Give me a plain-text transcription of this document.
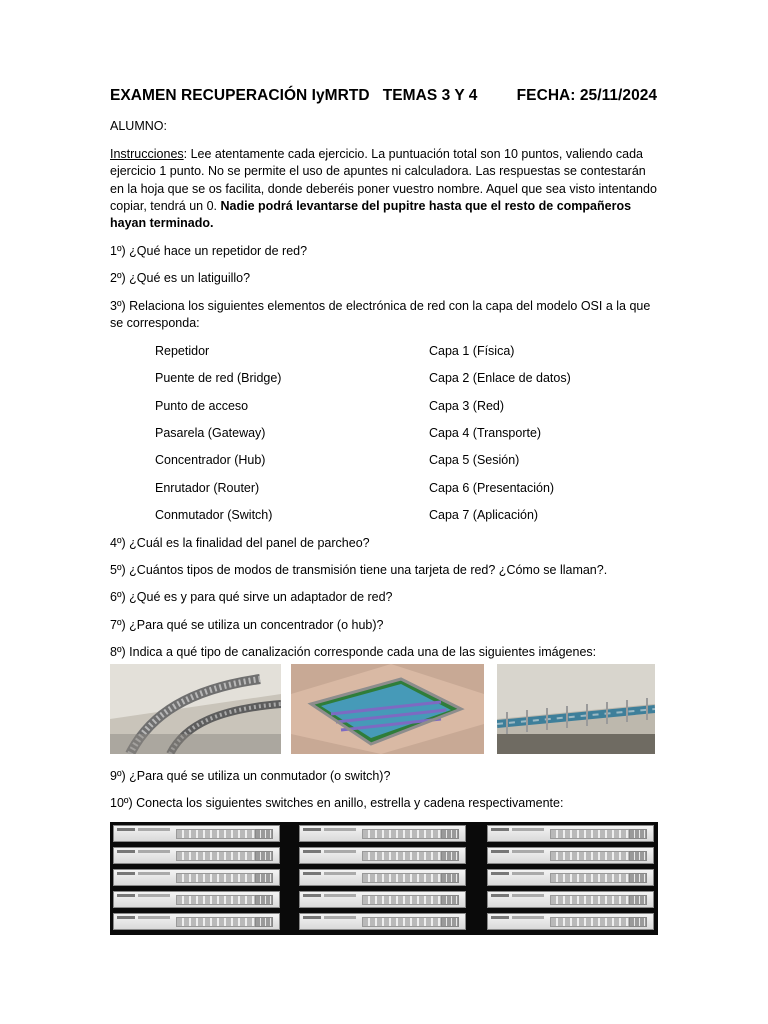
EXAMEN RECUPERACIÓN IyMRTD   TEMAS 3 Y 4         FECHA: 25/11/2024
ALUMNO:
Instrucciones: Lee atentamente cada ejercicio. La puntuación total son 10 puntos, valiendo cada ejercicio 1 punto. No se permite el uso de apuntes ni calculadora. Las respuestas se contestarán en la hoja que se os facilita, donde deberéis poner vuestro nombre. Aquel que sea visto intentando copiar, tendrá un 0. Nadie podrá levantarse del pupitre hasta que el resto de compañeros hayan terminado.
1º) ¿Qué hace un repetidor de red?
2º) ¿Qué es un latiguillo?
3º) Relaciona los siguientes elementos de electrónica de red con la capa del modelo OSI a la que se corresponda:
Repetidor
Puente de red (Bridge)
Punto de acceso
Pasarela (Gateway)
Concentrador (Hub)
Enrutador (Router)
Conmutador (Switch)
Capa 1 (Física)
Capa 2 (Enlace de datos)
Capa 3 (Red)
Capa 4 (Transporte)
Capa 5 (Sesión)
Capa 6 (Presentación)
Capa 7 (Aplicación)
4º) ¿Cuál es la finalidad del panel de parcheo?
5º) ¿Cuántos tipos de modos de transmisión tiene una tarjeta de red? ¿Cómo se llaman?.
6º) ¿Qué es y para qué sirve un adaptador de red?
7º) ¿Para qué se utiliza un concentrador (o hub)?
8º) Indica a qué tipo de canalización corresponde cada una de las siguientes imágenes:
9º) ¿Para qué se utiliza un conmutador (o switch)?
10º) Conecta los siguientes switches en anillo, estrella y cadena respectivamente:
